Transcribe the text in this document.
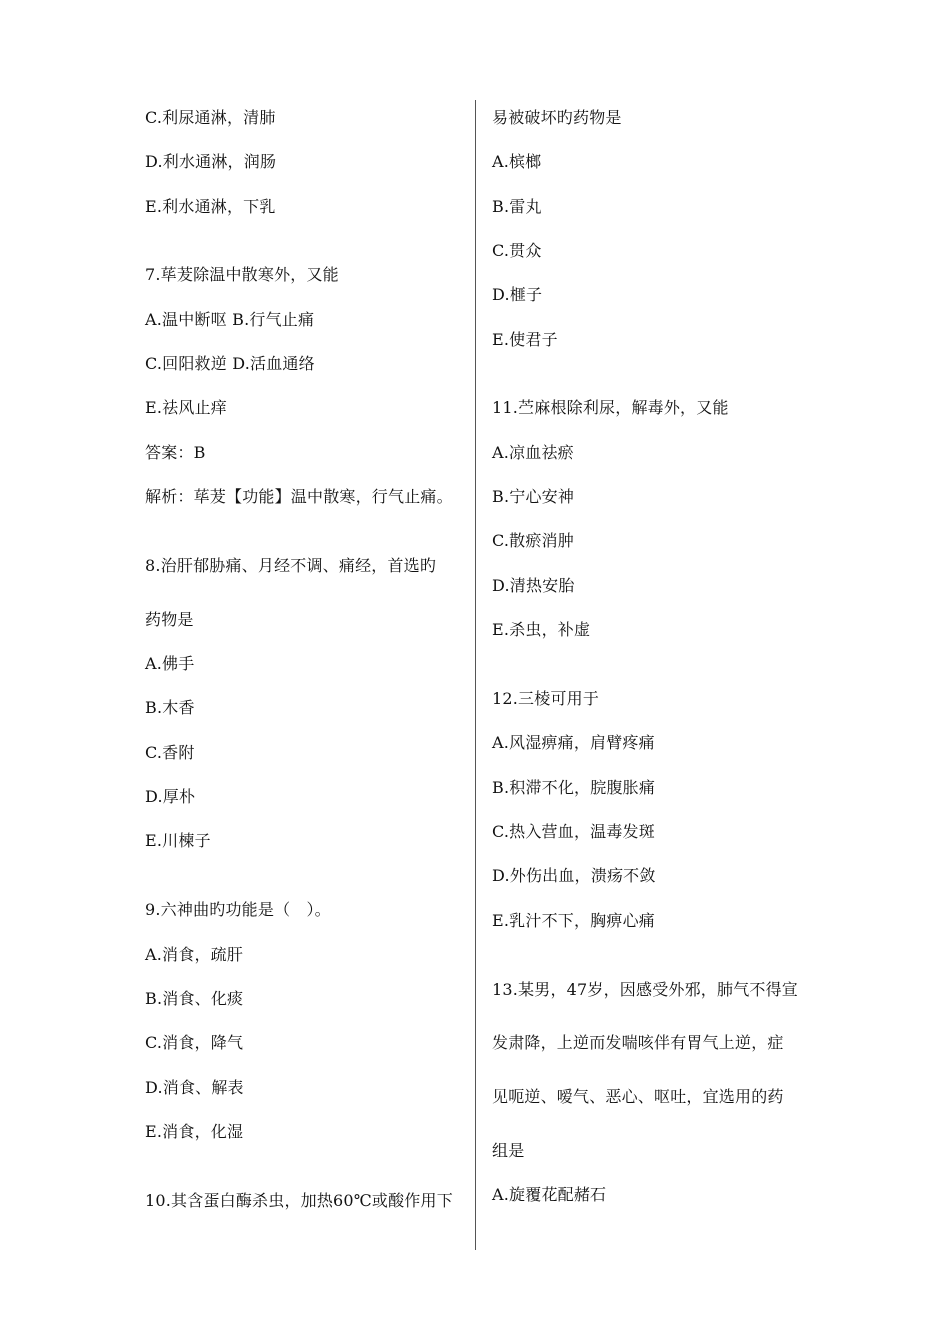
C.利尿通淋，清肺
D.利水通淋，润肠
E.利水通淋，下乳
7.荜茇除温中散寒外，又能
A.温中断呕 B.行气止痛
C.回阳救逆 D.活血通络
E.祛风止痒
答案：B
解析：荜茇【功能】温中散寒，行气止痛。
8.治肝郁胁痛、月经不调、痛经，首选旳
药物是
A.佛手
B.木香
C.香附
D.厚朴
E.川楝子
9.六神曲旳功能是（　）。
A.消食，疏肝
B.消食、化痰
C.消食，降气
D.消食、解表
E.消食，化湿
10.其含蛋白酶杀虫，加热60℃或酸作用下
易被破坏旳药物是
A.槟榔
B.雷丸
C.贯众
D.榧子
E.使君子
11.苎麻根除利尿，解毒外，又能
A.凉血祛瘀
B.宁心安神
C.散瘀消肿
D.清热安胎
E.杀虫，补虚
12.三棱可用于
A.风湿痹痛，肩臂疼痛
B.积滞不化，脘腹胀痛
C.热入营血，温毒发斑
D.外伤出血，溃疡不敛
E.乳汁不下，胸痹心痛
13.某男，47岁，因感受外邪，肺气不得宣
发肃降，上逆而发喘咳伴有胃气上逆，症
见呃逆、嗳气、恶心、呕吐，宜选用的药
组是
A.旋覆花配赭石
